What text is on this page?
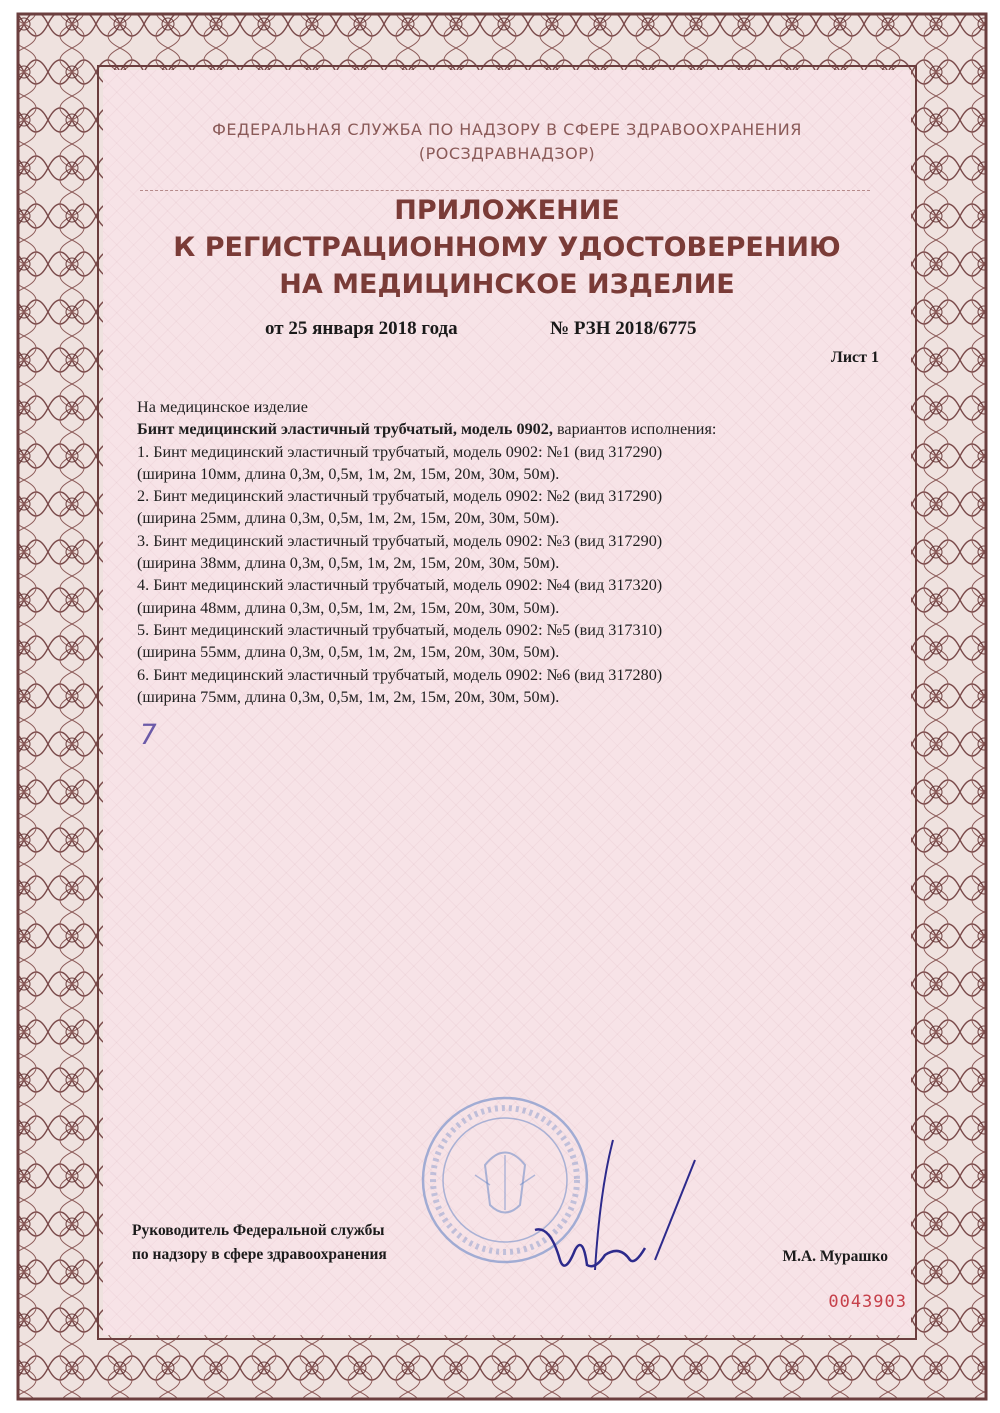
ФЕДЕРАЛЬНАЯ СЛУЖБА ПО НАДЗОРУ В СФЕРЕ ЗДРАВООХРАНЕНИЯ
(РОСЗДРАВНАДЗОР)
ПРИЛОЖЕНИЕ
К РЕГИСТРАЦИОННОМУ УДОСТОВЕРЕНИЮ
НА МЕДИЦИНСКОЕ ИЗДЕЛИЕ
от 25 января 2018 года	№ РЗН 2018/6775
Лист 1
На медицинское изделие
Бинт медицинский эластичный трубчатый, модель 0902, вариантов исполнения:
1. Бинт медицинский эластичный трубчатый, модель 0902: №1 (вид 317290)
(ширина 10мм, длина 0,3м, 0,5м, 1м, 2м, 15м, 20м, 30м, 50м).
2. Бинт медицинский эластичный трубчатый, модель 0902: №2 (вид 317290)
(ширина 25мм, длина 0,3м, 0,5м, 1м, 2м, 15м, 20м, 30м, 50м).
3. Бинт медицинский эластичный трубчатый, модель 0902: №3 (вид 317290)
(ширина 38мм, длина 0,3м, 0,5м, 1м, 2м, 15м, 20м, 30м, 50м).
4. Бинт медицинский эластичный трубчатый, модель 0902: №4 (вид 317320)
(ширина 48мм, длина 0,3м, 0,5м, 1м, 2м, 15м, 20м, 30м, 50м).
5. Бинт медицинский эластичный трубчатый, модель 0902: №5 (вид 317310)
(ширина 55мм, длина 0,3м, 0,5м, 1м, 2м, 15м, 20м, 30м, 50м).
6. Бинт медицинский эластичный трубчатый, модель 0902: №6 (вид 317280)
(ширина 75мм, длина 0,3м, 0,5м, 1м, 2м, 15м, 20м, 30м, 50м).
7
Руководитель Федеральной службы
по надзору в сфере здравоохранения	М.А. Мурашко
0043903
